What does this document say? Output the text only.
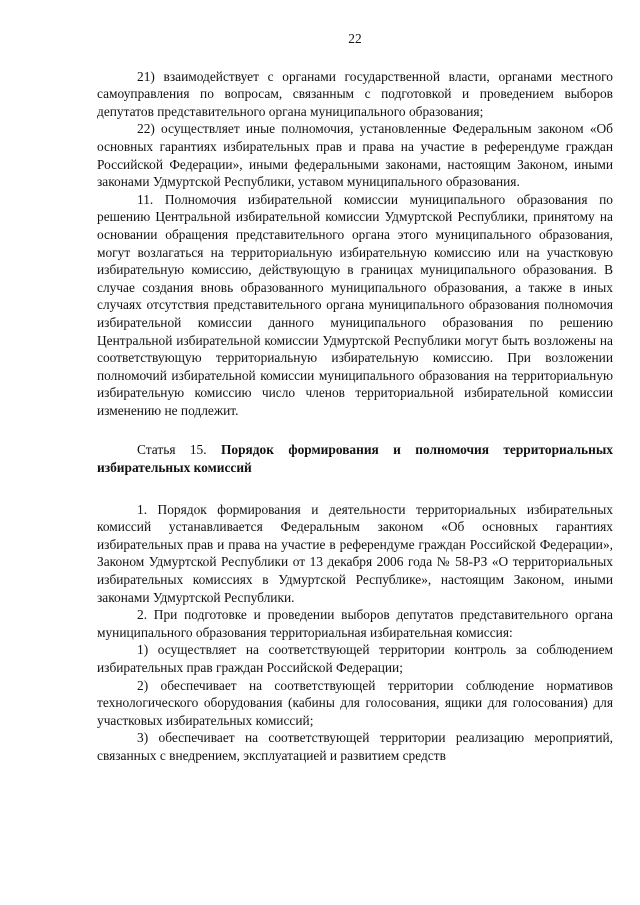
22

21) взаимодействует с органами государственной власти, органами местного самоуправления по вопросам, связанным с подготовкой и проведением выборов депутатов представительного органа муниципального образования;

22) осуществляет иные полномочия, установленные Федеральным законом «Об основных гарантиях избирательных прав и права на участие в референдуме граждан Российской Федерации», иными федеральными законами, настоящим Законом, иными законами Удмуртской Республики, уставом муниципального образования.

11. Полномочия избирательной комиссии муниципального образования по решению Центральной избирательной комиссии Удмуртской Республики, принятому на основании обращения представительного органа этого муниципального образования, могут возлагаться на территориальную избирательную комиссию или на участковую избирательную комиссию, действующую в границах муниципального образования. В случае создания вновь образованного муниципального образования, а также в иных случаях отсутствия представительного органа муниципального образования полномочия избирательной комиссии данного муниципального образования по решению Центральной избирательной комиссии Удмуртской Республики могут быть возложены на соответствующую территориальную избирательную комиссию. При возложении полномочий избирательной комиссии муниципального образования на территориальную избирательную комиссию число членов территориальной избирательной комиссии изменению не подлежит.

Статья 15. Порядок формирования и полномочия территориальных избирательных комиссий

1. Порядок формирования и деятельности территориальных избирательных комиссий устанавливается Федеральным законом «Об основных гарантиях избирательных прав и права на участие в референдуме граждан Российской Федерации», Законом Удмуртской Республики от 13 декабря 2006 года № 58-РЗ «О территориальных избирательных комиссиях в Удмуртской Республике», настоящим Законом, иными законами Удмуртской Республики.

2. При подготовке и проведении выборов депутатов представительного органа муниципального образования территориальная избирательная комиссия:

1) осуществляет на соответствующей территории контроль за соблюдением избирательных прав граждан Российской Федерации;

2) обеспечивает на соответствующей территории соблюдение нормативов технологического оборудования (кабины для голосования, ящики для голосования) для участковых избирательных комиссий;

3) обеспечивает на соответствующей территории реализацию мероприятий, связанных с внедрением, эксплуатацией и развитием средств
